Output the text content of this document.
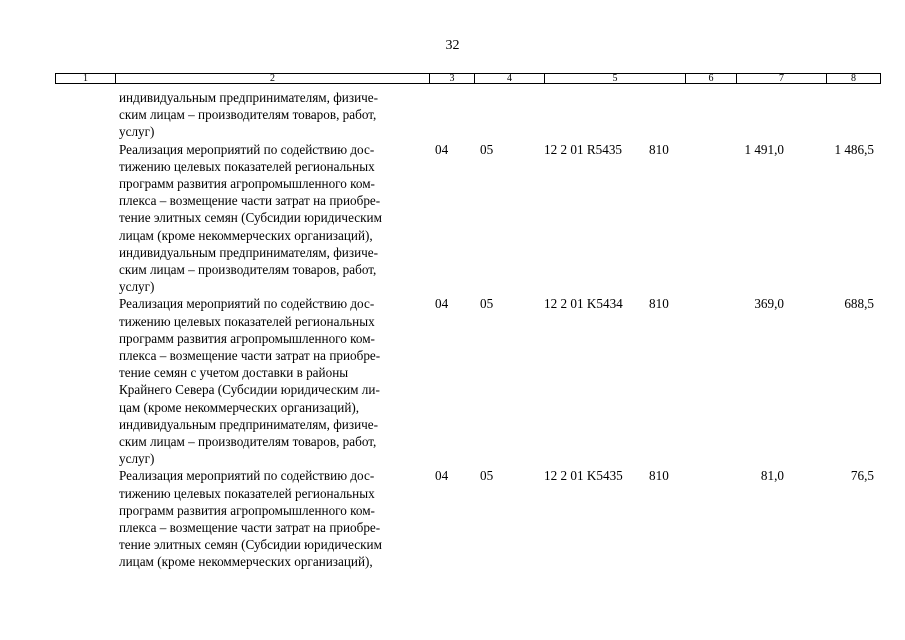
32
1	2	3	4	5	6	7	8
индивидуальным предпринимателям, физиче-
ским лицам – производителям товаров, работ,
услуг)
Реализация мероприятий по содействию дос-
тижению целевых показателей региональных
программ развития агропромышленного ком-
плекса – возмещение части затрат на приобре-
тение элитных семян (Субсидии юридическим
лицам (кроме некоммерческих организаций),
индивидуальным предпринимателям, физиче-
ским лицам – производителям товаров, работ,
услуг)
04 05	12 2 01 R5435 810	1 491,0	1 486,5
Реализация мероприятий по содействию дос-
тижению целевых показателей региональных
программ развития агропромышленного ком-
плекса – возмещение части затрат на приобре-
тение семян с учетом доставки в районы
Крайнего Севера (Субсидии юридическим ли-
цам (кроме некоммерческих организаций),
индивидуальным предпринимателям, физиче-
ским лицам – производителям товаров, работ,
услуг)
04 05	12 2 01 K5434 810	369,0	688,5
Реализация мероприятий по содействию дос-
тижению целевых показателей региональных
программ развития агропромышленного ком-
плекса – возмещение части затрат на приобре-
тение элитных семян (Субсидии юридическим
лицам (кроме некоммерческих организаций),
04 05	12 2 01 K5435 810	81,0	76,5
